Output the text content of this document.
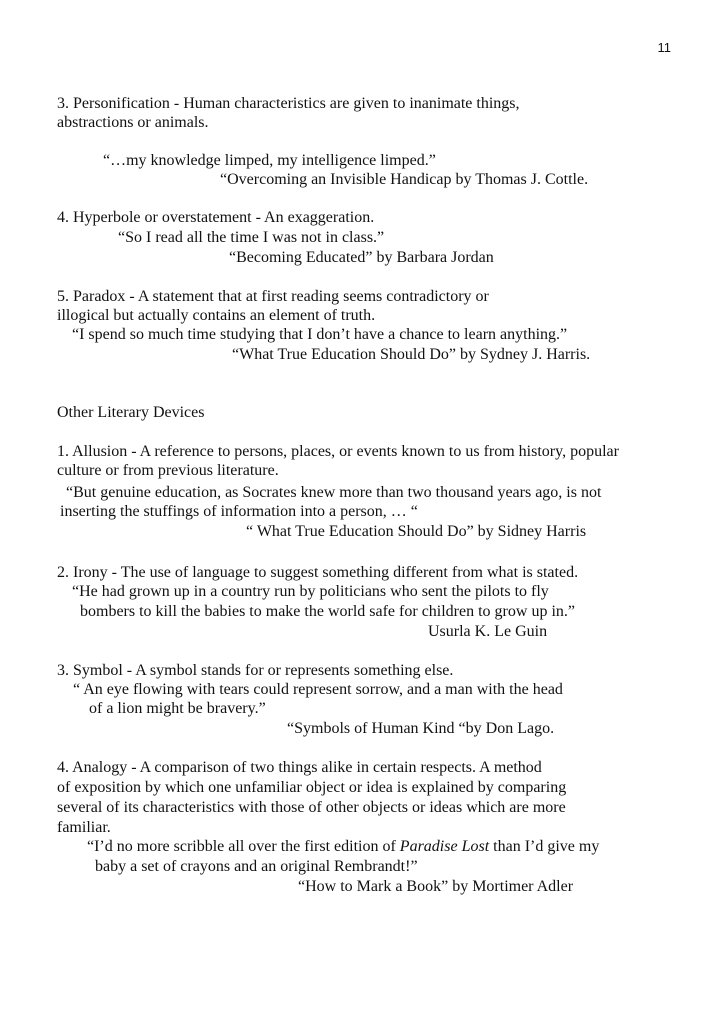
11
3. Personification - Human characteristics are given to inanimate things,
abstractions or animals.
“…my knowledge limped, my intelligence limped.”
“Overcoming an Invisible Handicap by Thomas J. Cottle.
4. Hyperbole or overstatement - An exaggeration.
“So I read all the time I was not in class.”
“Becoming Educated” by Barbara Jordan
5. Paradox - A statement that at first reading seems contradictory or
illogical but actually contains an element of truth.
“I spend so much time studying that I don’t have a chance to learn anything.”
“What True Education Should Do” by Sydney J. Harris.
Other Literary Devices
1. Allusion - A reference to persons, places, or events known to us from history, popular
culture or from previous literature.
“But genuine education, as Socrates knew more than two thousand years ago, is not
inserting the stuffings of information into a person, … “
“ What True Education Should Do” by Sidney Harris
2. Irony - The use of language to suggest something different from what is stated.
“He had grown up in a country run by politicians who sent the pilots to fly
bombers to kill the babies to make the world safe for children to grow up in.”
Usurla K. Le Guin
3. Symbol - A symbol stands for or represents something else.
“ An eye flowing with tears could represent sorrow, and a man with the head
of a lion might be bravery.”
“Symbols of Human Kind “by Don Lago.
4. Analogy - A comparison of two things alike in certain respects. A method
of exposition by which one unfamiliar object or idea is explained by comparing
several of its characteristics with those of other objects or ideas which are more
familiar.
“I’d no more scribble all over the first edition of Paradise Lost than I’d give my
baby a set of crayons and an original Rembrandt!”
“How to Mark a Book” by Mortimer Adler
